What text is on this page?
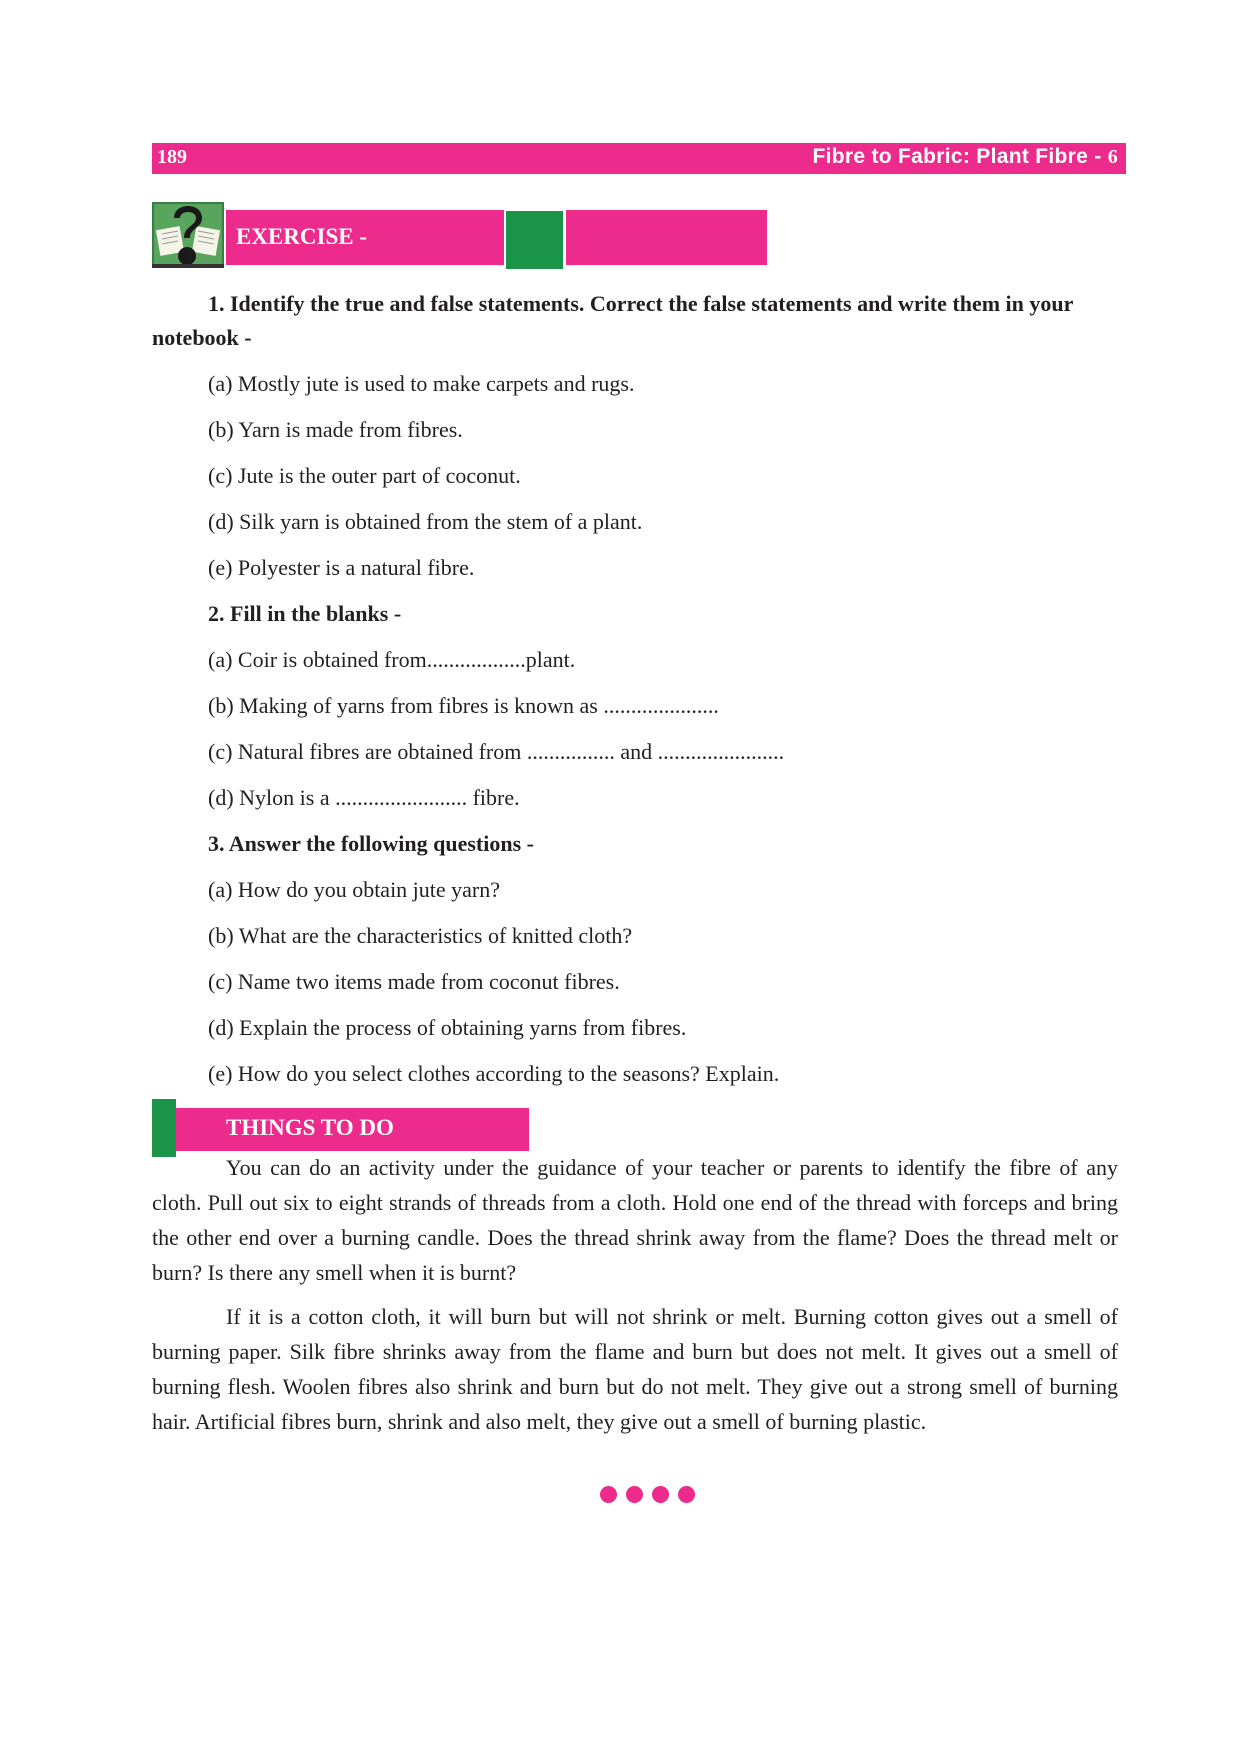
189	Fibre to Fabric: Plant Fibre - 6
EXERCISE -
1. Identify the true and false statements. Correct the false statements and write them in your
notebook -
(a) Mostly jute is used to make carpets and rugs.
(b) Yarn is made from fibres.
(c) Jute is the outer part of coconut.
(d) Silk yarn is obtained from the stem of a plant.
(e) Polyester is a natural fibre.
2. Fill in the blanks -
(a) Coir is obtained from..................plant.
(b) Making of yarns from fibres is known as .....................
(c) Natural fibres are obtained from ................ and .......................
(d) Nylon is a ........................ fibre.
3. Answer the following questions -
(a) How do you obtain jute yarn?
(b) What are the characteristics of knitted cloth?
(c) Name two items made from coconut fibres.
(d) Explain the process of obtaining yarns from fibres.
(e) How do you select clothes according to the seasons? Explain.
THINGS TO DO
You can do an activity under the guidance of your teacher or parents to identify the fibre of any cloth. Pull out six to eight strands of threads from a cloth. Hold one end of the thread with forceps and bring the other end over a burning candle. Does the thread shrink away from the flame? Does the thread melt or burn? Is there any smell when it is burnt?
If it is a cotton cloth, it will burn but will not shrink or melt. Burning cotton gives out a smell of burning paper. Silk fibre shrinks away from the flame and burn but does not melt. It gives out a smell of burning flesh. Woolen fibres also shrink and burn but do not melt. They give out a strong smell of burning hair. Artificial fibres burn, shrink and also melt, they give out a smell of burning plastic.
